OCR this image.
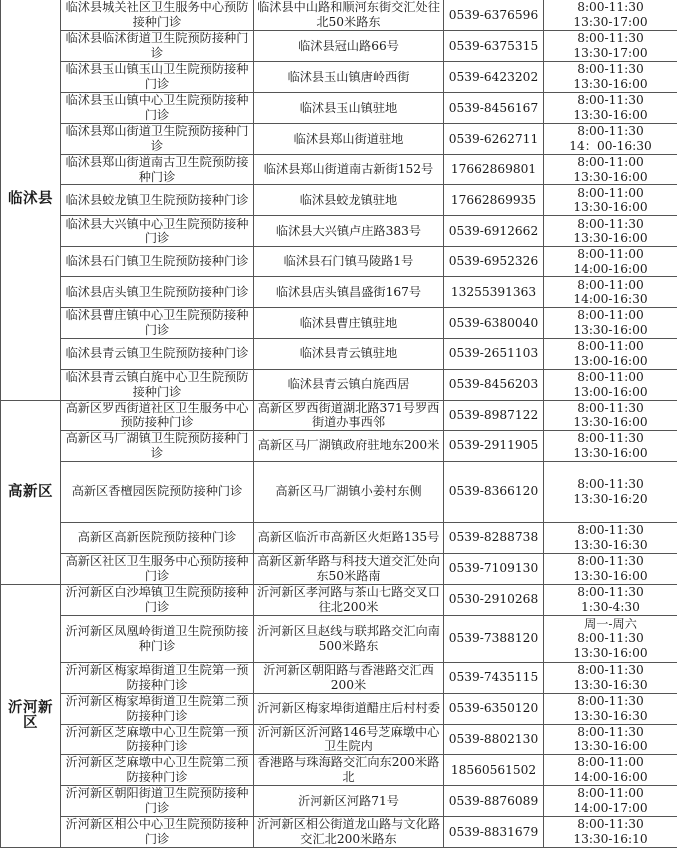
临沭县	临沭县城关社区卫生服务中心预防接种门诊	临沭县中山路和顺河东街交汇处往北50米路东	0539-6376596	8:00-11:30
13:30-17:00

	临沭县临沭街道卫生院预防接种门诊	临沭县冠山路66号	0539-6375315	8:00-11:30
13:30-17:00

	临沭县玉山镇玉山卫生院预防接种门诊	临沭县玉山镇唐岭西街	0539-6423202	8:00-11:30
13:30-16:00

	临沭县玉山镇中心卫生院预防接种门诊	临沭县玉山镇驻地	0539-8456167	8:00-11:30
13:30-16:00

	临沭县郑山街道卫生院预防接种门诊	临沭县郑山街道驻地	0539-6262711	8:00-11:30
14：00-16:30

	临沭县郑山街道南古卫生院预防接种门诊	临沭县郑山街道南古新街152号	17662869801	8:00-11:00
13:30-16:00

	临沭县蛟龙镇卫生院预防接种门诊	临沭县蛟龙镇驻地	17662869935	8:00-11:00
13:30-16:00

	临沭县大兴镇中心卫生院预防接种门诊	临沭县大兴镇卢庄路383号	0539-6912662	8:00-11:30
13:30-16:00

	临沭县石门镇卫生院预防接种门诊	临沭县石门镇马陵路1号	0539-6952326	8:00-11:00
14:00-16:00

	临沭县店头镇卫生院预防接种门诊	临沭县店头镇昌盛街167号	13255391363	8:00-11:00
14:00-16:30

	临沭县曹庄镇中心卫生院预防接种门诊	临沭县曹庄镇驻地	0539-6380040	8:00-11:00
13:30-16:00

	临沭县青云镇卫生院预防接种门诊	临沭县青云镇驻地	0539-2651103	8:00-11:00
13:00-16:00

	临沭县青云镇白旄中心卫生院预防接种门诊	临沭县青云镇白旄西居	0539-8456203	8:00-11:00
13:00-16:00

高新区	高新区罗西街道社区卫生服务中心预防接种门诊	高新区罗西街道湖北路371号罗西街道办事西邻	0539-8987122	8:00-11:30
13:30-16:00

	高新区马厂湖镇卫生院预防接种门诊	高新区马厂湖镇政府驻地东200米	0539-2911905	8:00-11:30
13:30-16:00

	高新区香檀园医院预防接种门诊	高新区马厂湖镇小姜村东侧	0539-8366120	8:00-11:30
13:30-16:20

	高新区高新医院预防接种门诊	高新区临沂市高新区火炬路135号	0539-8288738	8:00-11:30
13:30-16:30

	高新区社区卫生服务中心预防接种门诊	高新区新华路与科技大道交汇处向东50米路南	0539-7109130	8:00-11:30
13:30-16:00

沂河新区	沂河新区白沙埠镇卫生院预防接种门诊	沂河新区孝河路与茶山七路交叉口往北200米	0530-2910268	8:00-11:30
1:30-4:30

	沂河新区凤凰岭街道卫生院预防接种门诊	沂河新区旦赵线与联邦路交汇向南500米路东	0539-7388120	周一-周六
8:00-11:30
13:30-16:00

	沂河新区梅家埠街道卫生院第一预防接种门诊	沂河新区朝阳路与香港路交汇西200米	0539-7435115	8:00-11:30
13:30-16:30

	沂河新区梅家埠街道卫生院第二预防接种门诊	沂河新区梅家埠街道醋庄后村村委	0539-6350120	8:00-11:30
13:30-16:30

	沂河新区芝麻墩中心卫生院第一预防接种门诊	沂河新区沂河路146号芝麻墩中心卫生院内	0539-8802130	8:00-11:30
13:30-16:00

	沂河新区芝麻墩中心卫生院第二预防接种门诊	香港路与珠海路交汇向东200米路北	18560561502	8:00-11:00
14:00-16:00

	沂河新区朝阳街道卫生院预防接种门诊	沂河新区河路71号	0539-8876089	8:00-11:00
14:00-17:00

	沂河新区相公中心卫生院预防接种门诊	沂河新区相公街道龙山路与文化路交汇北200米路东	0539-8831679	8:00-11:30
13:30-16:10
